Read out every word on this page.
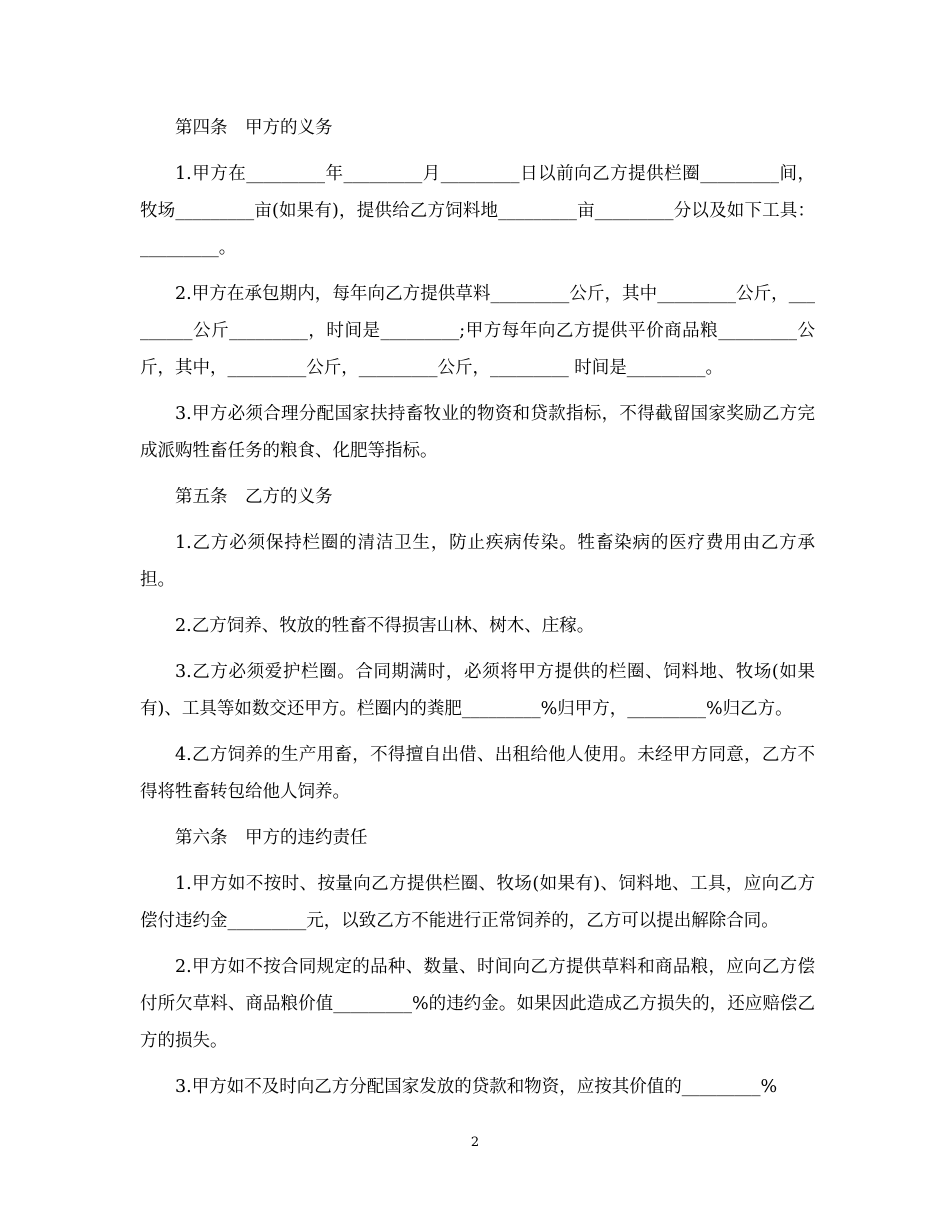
第四条　甲方的义务

1.甲方在_________年_________月_________日以前向乙方提供栏圈_________间，牧场_________亩(如果有)，提供给乙方饲料地_________亩_________分以及如下工具：_________。

2.甲方在承包期内，每年向乙方提供草料_________公斤，其中_________公斤，_________公斤_________，时间是_________;甲方每年向乙方提供平价商品粮_________公斤，其中，_________公斤，_________公斤，_________ 时间是_________。

3.甲方必须合理分配国家扶持畜牧业的物资和贷款指标，不得截留国家奖励乙方完成派购牲畜任务的粮食、化肥等指标。

第五条　乙方的义务

1.乙方必须保持栏圈的清洁卫生，防止疾病传染。牲畜染病的医疗费用由乙方承担。

2.乙方饲养、牧放的牲畜不得损害山林、树木、庄稼。

3.乙方必须爱护栏圈。合同期满时，必须将甲方提供的栏圈、饲料地、牧场(如果有)、工具等如数交还甲方。栏圈内的粪肥_________%归甲方，_________%归乙方。

4.乙方饲养的生产用畜，不得擅自出借、出租给他人使用。未经甲方同意，乙方不得将牲畜转包给他人饲养。

第六条　甲方的违约责任

1.甲方如不按时、按量向乙方提供栏圈、牧场(如果有)、饲料地、工具，应向乙方偿付违约金_________元，以致乙方不能进行正常饲养的，乙方可以提出解除合同。

2.甲方如不按合同规定的品种、数量、时间向乙方提供草料和商品粮，应向乙方偿付所欠草料、商品粮价值_________%的违约金。如果因此造成乙方损失的，还应赔偿乙方的损失。

3.甲方如不及时向乙方分配国家发放的贷款和物资，应按其价值的_________%

2
